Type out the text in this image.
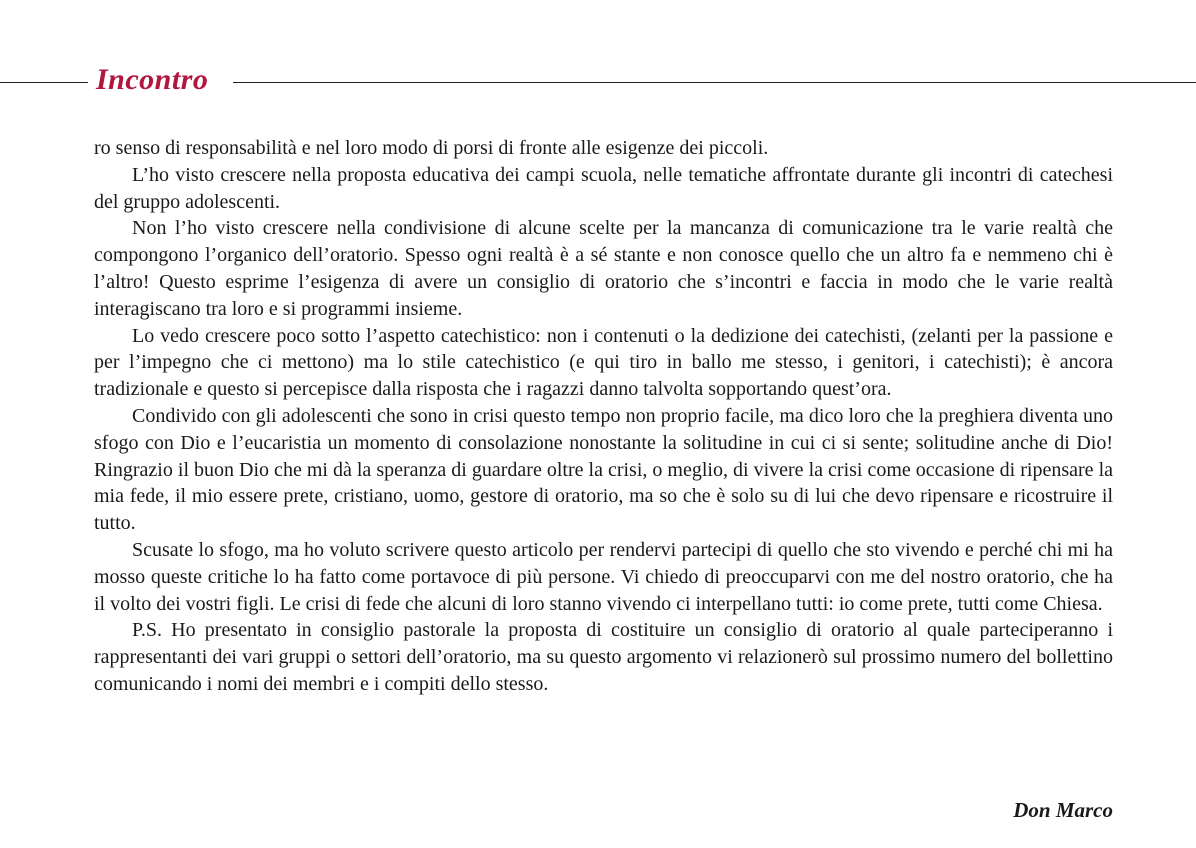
Incontro

ro senso di responsabilità e nel loro modo di porsi di fronte alle esigenze dei piccoli.

L’ho visto crescere nella proposta educativa dei campi scuola, nelle tematiche affrontate durante gli incontri di catechesi del gruppo adolescenti.

Non l’ho visto crescere nella condivisione di alcune scelte per la mancanza di comunicazione tra le varie realtà che compongono l’organico dell’oratorio. Spesso ogni realtà è a sé stante e non conosce quello che un altro fa e nemmeno chi è l’altro! Questo esprime l’esigenza di avere un consiglio di oratorio che s’incontri e faccia in modo che le varie realtà interagiscano tra loro e si programmi insieme.

Lo vedo crescere poco sotto l’aspetto catechistico: non i contenuti o la dedizione dei catechisti, (zelanti per la passione e per l’impegno che ci mettono) ma lo stile catechistico (e qui tiro in ballo me stesso, i genitori, i catechisti); è ancora tradizionale e questo si percepisce dalla risposta che i ragazzi danno talvolta sopportando quest’ora.

Condivido con gli adolescenti che sono in crisi questo tempo non proprio facile, ma dico loro che la preghiera diventa uno sfogo con Dio e l’eucaristia un momento di consolazione nonostante la solitudine in cui ci si sente; solitudine anche di Dio! Ringrazio il buon Dio che mi dà la speranza di guardare oltre la crisi, o meglio, di vivere la crisi come occasione di ripensare la mia fede, il mio essere prete, cristiano, uomo, gestore di oratorio, ma so che è solo su di lui che devo ripensare e ricostruire il tutto.

Scusate lo sfogo, ma ho voluto scrivere questo articolo per rendervi partecipi di quello che sto vivendo e perché chi mi ha mosso queste critiche lo ha fatto come portavoce di più persone. Vi chiedo di preoccuparvi con me del nostro oratorio, che ha il volto dei vostri figli. Le crisi di fede che alcuni di loro stanno vivendo ci interpellano tutti: io come prete, tutti come Chiesa.

P.S. Ho presentato in consiglio pastorale la proposta di costituire un consiglio di oratorio al quale parteciperanno i rappresentanti dei vari gruppi o settori dell’oratorio, ma su questo argomento vi relazionerò sul prossimo numero del bollettino comunicando i nomi dei membri e i compiti dello stesso.

Don Marco
